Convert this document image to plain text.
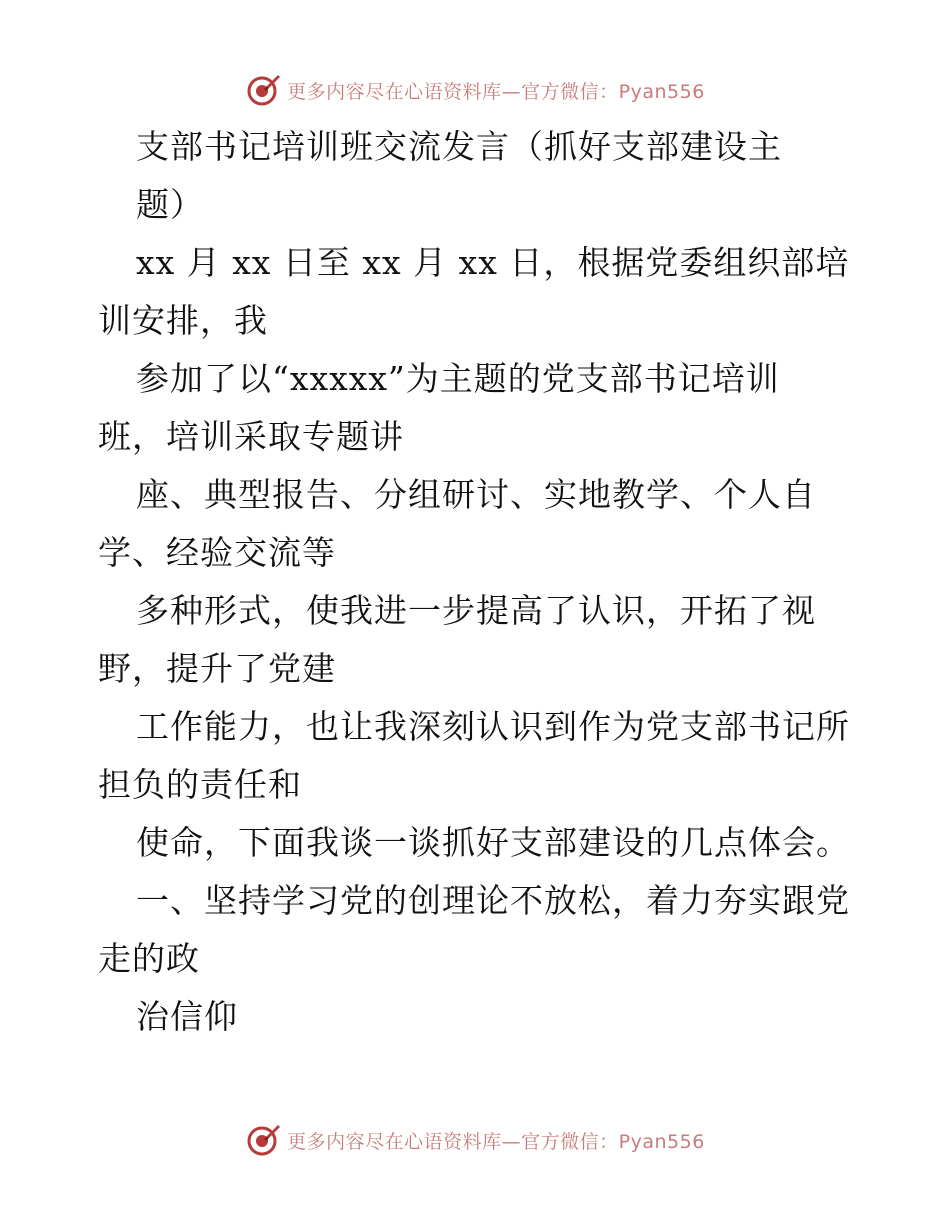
更多内容尽在心语资料库—官方微信：Pyan556
支部书记培训班交流发言（抓好支部建设主
题）
xx 月 xx 日至 xx 月 xx 日，根据党委组织部培
训安排，我
参加了以“xxxxx”为主题的党支部书记培训
班，培训采取专题讲
座、典型报告、分组研讨、实地教学、个人自
学、经验交流等
多种形式，使我进一步提高了认识，开拓了视
野，提升了党建
工作能力，也让我深刻认识到作为党支部书记所
担负的责任和
使命，下面我谈一谈抓好支部建设的几点体会。
一、坚持学习党的创理论不放松，着力夯实跟党
走的政
治信仰
更多内容尽在心语资料库—官方微信：Pyan556
